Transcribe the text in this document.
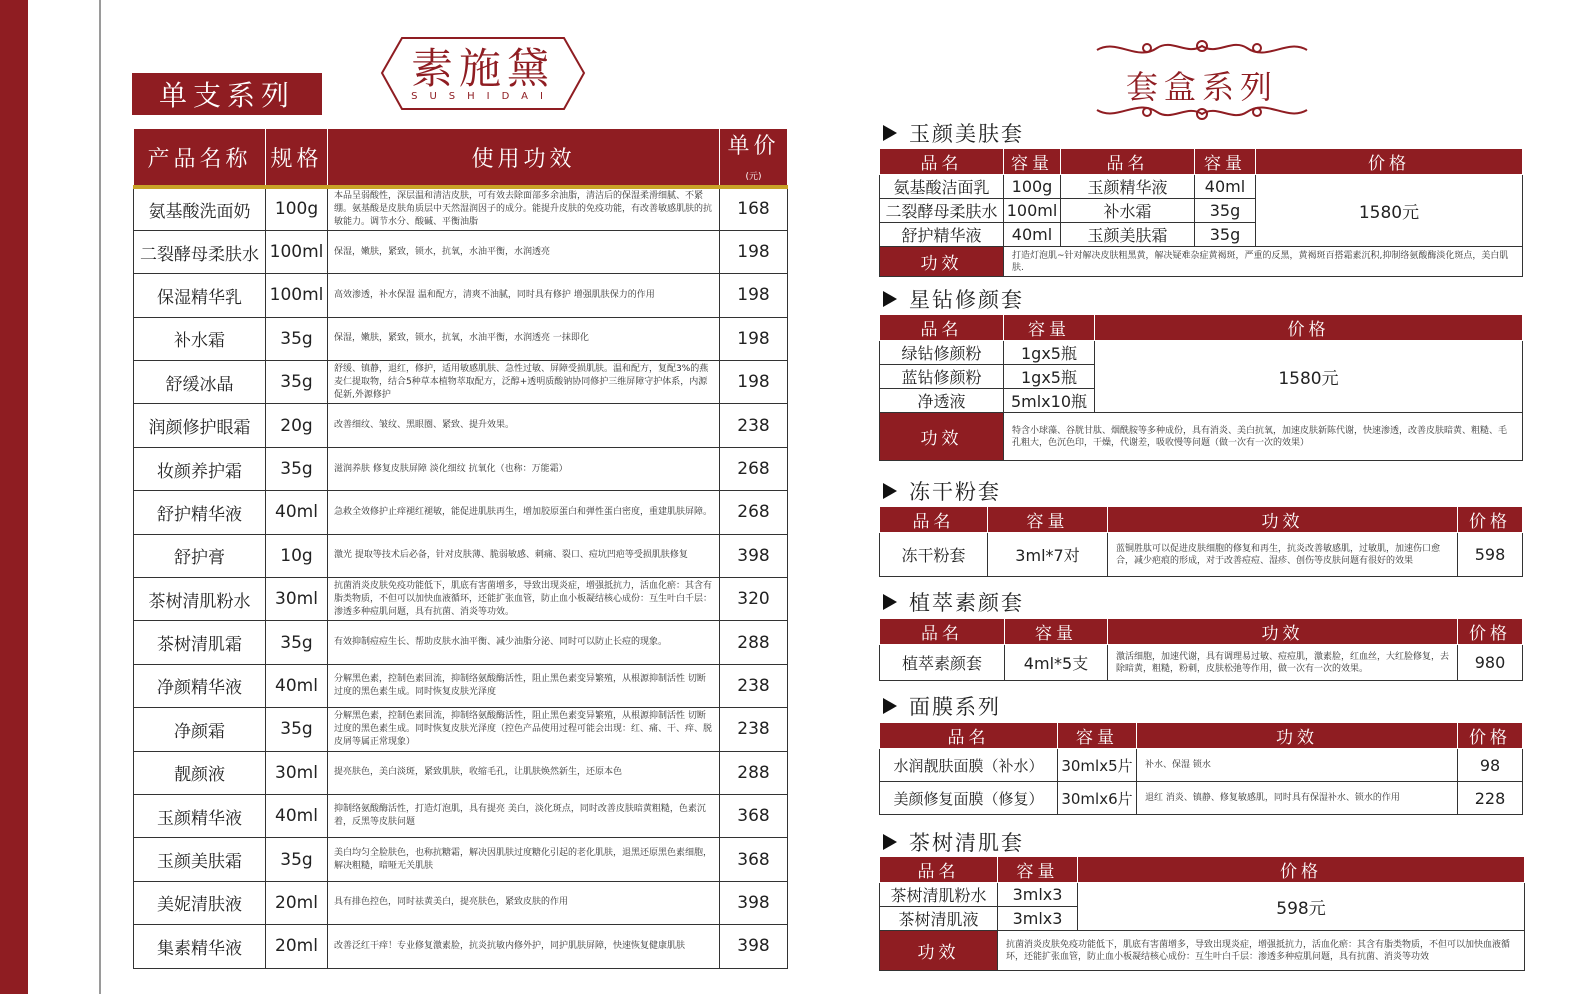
单支系列
素施黛
SUSHIDAI
产品名称	规格	使用功效	单价(元)
氨基酸洗面奶	100g	本品呈弱酸性，深层温和清洁皮肤，可有效去除面部多余油脂，清洁后的保湿柔滑细腻、不紧绷。氨基酸是皮肤角质层中天然湿润因子的成分。能提升皮肤的免疫功能，有改善敏感肌肤的抗敏能力。调节水分、酸碱、平衡油脂	168
二裂酵母柔肤水	100ml	保湿，嫩肤，紧致，锁水，抗氧，水油平衡，水润透亮	198
保湿精华乳	100ml	高效渗透，补水保湿 温和配方，清爽不油腻，同时具有修护 增强肌肤保力的作用	198
补水霜	35g	保湿，嫩肤，紧致，锁水，抗氧，水油平衡，水润透亮 一抹即化	198
舒缓冰晶	35g	舒缓、镇静，退红，修护，适用敏感肌肤、急性过敏、屏障受损肌肤。温和配方，复配3%的燕麦仁提取物，结合5种草本植物萃取配方，泛醇+透明质酸钠协同修护三维屏障守护体系，内源促新,外源修护	198
润颜修护眼霜	20g	改善细纹、皱纹、黑眼圈、紧致、提升效果。	238
妆颜养护霜	35g	滋润养肤 修复皮肤屏障 淡化细纹 抗氧化（也称：万能霜）	268
舒护精华液	40ml	急救全效修护止痒褪红褪敏，能促进肌肤再生，增加胶原蛋白和弹性蛋白密度，重建肌肤屏障。	268
舒护膏	10g	激光 提取等技术后必备，针对皮肤薄、脆弱敏感、刺痛、裂口、痘坑凹疤等受损肌肤修复	398
茶树清肌粉水	30ml	抗菌消炎皮肤免疫功能低下，肌底有害菌增多，导致出现炎症，增强抵抗力，活血化瘀：其含有脂类物质，不但可以加快血液循环，还能扩张血管，防止血小板凝结核心成份：互生叶白千层：渗透多种痘肌问题，具有抗菌、消炎等功效。	320
茶树清肌霜	35g	有效抑制痘痘生长、帮助皮肤水油平衡、减少油脂分泌、同时可以防止长痘的现象。	288
净颜精华液	40ml	分解黑色素，控制色素回流，抑制络氨酸酶活性，阻止黑色素变异繁殖，从根源抑制活性 切断过度的黑色素生成。同时恢复皮肤光泽度	238
净颜霜	35g	分解黑色素，控制色素回流，抑制络氨酸酶活性，阻止黑色素变异繁殖，从根源抑制活性 切断过度的黑色素生成。同时恢复皮肤光泽度（控色产品使用过程可能会出现：红、痛、干、痒、脱皮屑等属正常现象）	238
靓颜液	30ml	提亮肤色，美白淡斑，紧致肌肤，收缩毛孔，让肌肤焕然新生，还原本色	288
玉颜精华液	40ml	抑制络氨酸酶活性，打造灯泡肌，具有提亮 美白，淡化斑点，同时改善皮肤暗黄粗糙，色素沉着，反黑等皮肤问题	368
玉颜美肤霜	35g	美白均匀全脸肤色，也称抗糖霜，解决因肌肤过度糖化引起的老化肌肤，退黑还原黑色素细胞，解决粗糙，暗哑无关肌肤	368
美妮清肤液	20ml	具有排色控色，同时祛黄美白，提亮肤色，紧致皮肤的作用	398
集素精华液	20ml	改善泛红干痒！专业修复激素脸，抗炎抗敏内修外护，同护肌肤屏障，快速恢复健康肌肤	398
套盒系列
玉颜美肤套
品名	容量	品名	容量	价格
氨基酸洁面乳	100g	玉颜精华液	40ml	1580元
二裂酵母柔肤水	100ml	补水霜	35g	
舒护精华液	40ml	玉颜美肤霜	35g	
功效	打造灯泡肌~针对解决皮肤粗黑黄，解决疑难杂症黄褐斑，严重的反黑，黄褐斑百搭霜素沉积,抑制络氨酸酶淡化斑点，美白肌肤.			
星钻修颜套
品名	容量	价格
绿钻修颜粉	1gx5瓶	1580元
蓝钻修颜粉	1gx5瓶	
净透液	5mlx10瓶	
功效	特含小球藻、谷胱甘肽、烟酰胺等多种成份，具有消炎、美白抗氧，加速皮肤新陈代谢，快速渗透，改善皮肤暗黄、粗糙、毛孔粗大，色沉色印，干燥，代谢差，吸收慢等问题（做一次有一次的效果）	
冻干粉套
品名	容量	功效	价格
冻干粉套	3ml*7对	蓝铜胜肽可以促进皮肤细胞的修复和再生，抗炎改善敏感肌，过敏肌，加速伤口愈合，减少疤痕的形成，对于改善痘痘、湿疹、创伤等皮肤问题有很好的效果	598
植萃素颜套
品名	容量	功效	价格
植萃素颜套	4ml*5支	激活细胞，加速代谢，具有调理易过敏、痘痘肌，激素脸，红血丝，大红脸修复，去除暗黄，粗糙，粉刺，皮肤松弛等作用，做一次有一次的效果。	980
面膜系列
品名	容量	功效	价格
水润靓肤面膜（补水）	30mlx5片	补水、保湿 锁水	98
美颜修复面膜（修复）	30mlx6片	退红 消炎、镇静、修复敏感肌，同时具有保湿补水、锁水的作用	228
茶树清肌套
品名	容量	价格
茶树清肌粉水	3mlx3	598元
茶树清肌液	3mlx3	
功效	抗菌消炎皮肤免疫功能低下，肌底有害菌增多，导致出现炎症，增强抵抗力，活血化瘀：其含有脂类物质，不但可以加快血液循环，还能扩张血管，防止血小板凝结核心成份：互生叶白千层：渗透多种痘肌问题，具有抗菌、消炎等功效	
